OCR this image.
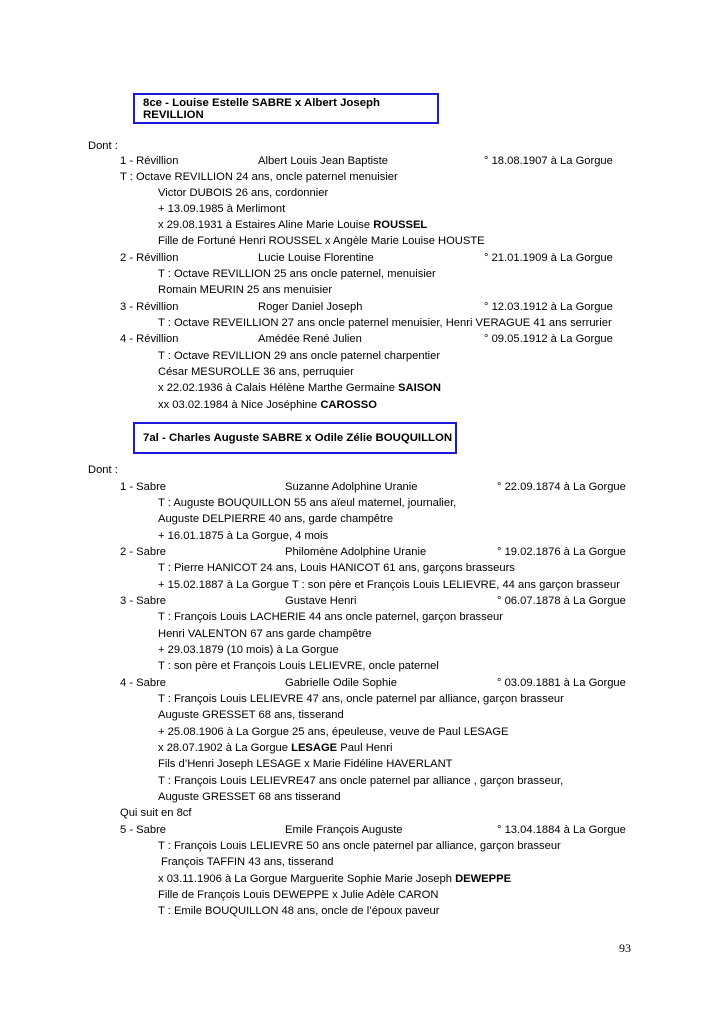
8ce - Louise Estelle SABRE x Albert Joseph REVILLION
Dont :
1 - Révillion	Albert Louis Jean Baptiste	° 18.08.1907 à La Gorgue
T : Octave REVILLION 24 ans, oncle paternel menuisier
Victor DUBOIS 26 ans, cordonnier
+ 13.09.1985 à Merlimont
x 29.08.1931 à Estaires Aline Marie Louise ROUSSEL
Fille de Fortuné Henri ROUSSEL x Angèle Marie Louise HOUSTE
2 - Révillion	Lucie Louise Florentine	° 21.01.1909 à La Gorgue
T : Octave REVILLION 25 ans oncle paternel, menuisier
Romain MEURIN 25 ans menuisier
3 - Révillion	Roger Daniel Joseph	° 12.03.1912 à La Gorgue
T : Octave REVEILLION 27 ans oncle paternel menuisier, Henri VERAGUE 41 ans serrurier
4 - Révillion	Amédée René Julien	° 09.05.1912 à La Gorgue
T : Octave REVILLION 29 ans oncle paternel charpentier
César MESUROLLE 36 ans, perruquier
x 22.02.1936 à Calais Hélène Marthe Germaine SAISON
xx 03.02.1984 à Nice Joséphine CAROSSO
7al - Charles Auguste SABRE x Odile Zélie BOUQUILLON
Dont :
1 - Sabre	Suzanne Adolphine Uranie	° 22.09.1874 à La Gorgue
T : Auguste BOUQUILLON 55 ans aïeul maternel, journalier,
Auguste DELPIERRE 40 ans, garde champêtre
+ 16.01.1875 à La Gorgue, 4 mois
2 - Sabre	Philomène Adolphine Uranie	° 19.02.1876 à La Gorgue
T : Pierre HANICOT 24 ans, Louis HANICOT 61 ans, garçons brasseurs
+ 15.02.1887 à La Gorgue T : son père et François Louis LELIEVRE, 44 ans garçon brasseur
3 - Sabre	Gustave Henri	° 06.07.1878 à La Gorgue
T : François Louis LACHERIE 44 ans oncle paternel, garçon brasseur
Henri VALENTON 67 ans garde champêtre
+ 29.03.1879 (10 mois) à La Gorgue
T : son père et François Louis LELIEVRE, oncle paternel
4 - Sabre	Gabrielle Odile Sophie	° 03.09.1881 à La Gorgue
T : François Louis LELIEVRE 47 ans, oncle paternel par alliance, garçon brasseur
Auguste GRESSET 68 ans, tisserand
+ 25.08.1906 à La Gorgue 25 ans, épeuleuse, veuve de Paul LESAGE
x 28.07.1902 à La Gorgue LESAGE Paul Henri
Fils d’Henri Joseph LESAGE x Marie Fidéline HAVERLANT
T : François Louis LELIEVRE47 ans oncle paternel par alliance , garçon brasseur,
Auguste GRESSET 68 ans tisserand
Qui suit en 8cf
5 - Sabre	Emile François Auguste	° 13.04.1884 à La Gorgue
T : François Louis LELIEVRE 50 ans oncle paternel par alliance, garçon brasseur
François TAFFIN 43 ans, tisserand
x 03.11.1906 à La Gorgue Marguerite Sophie Marie Joseph DEWEPPE
Fille de François Louis DEWEPPE x Julie Adèle CARON
T : Emile BOUQUILLON 48 ans, oncle de l’époux paveur
93
